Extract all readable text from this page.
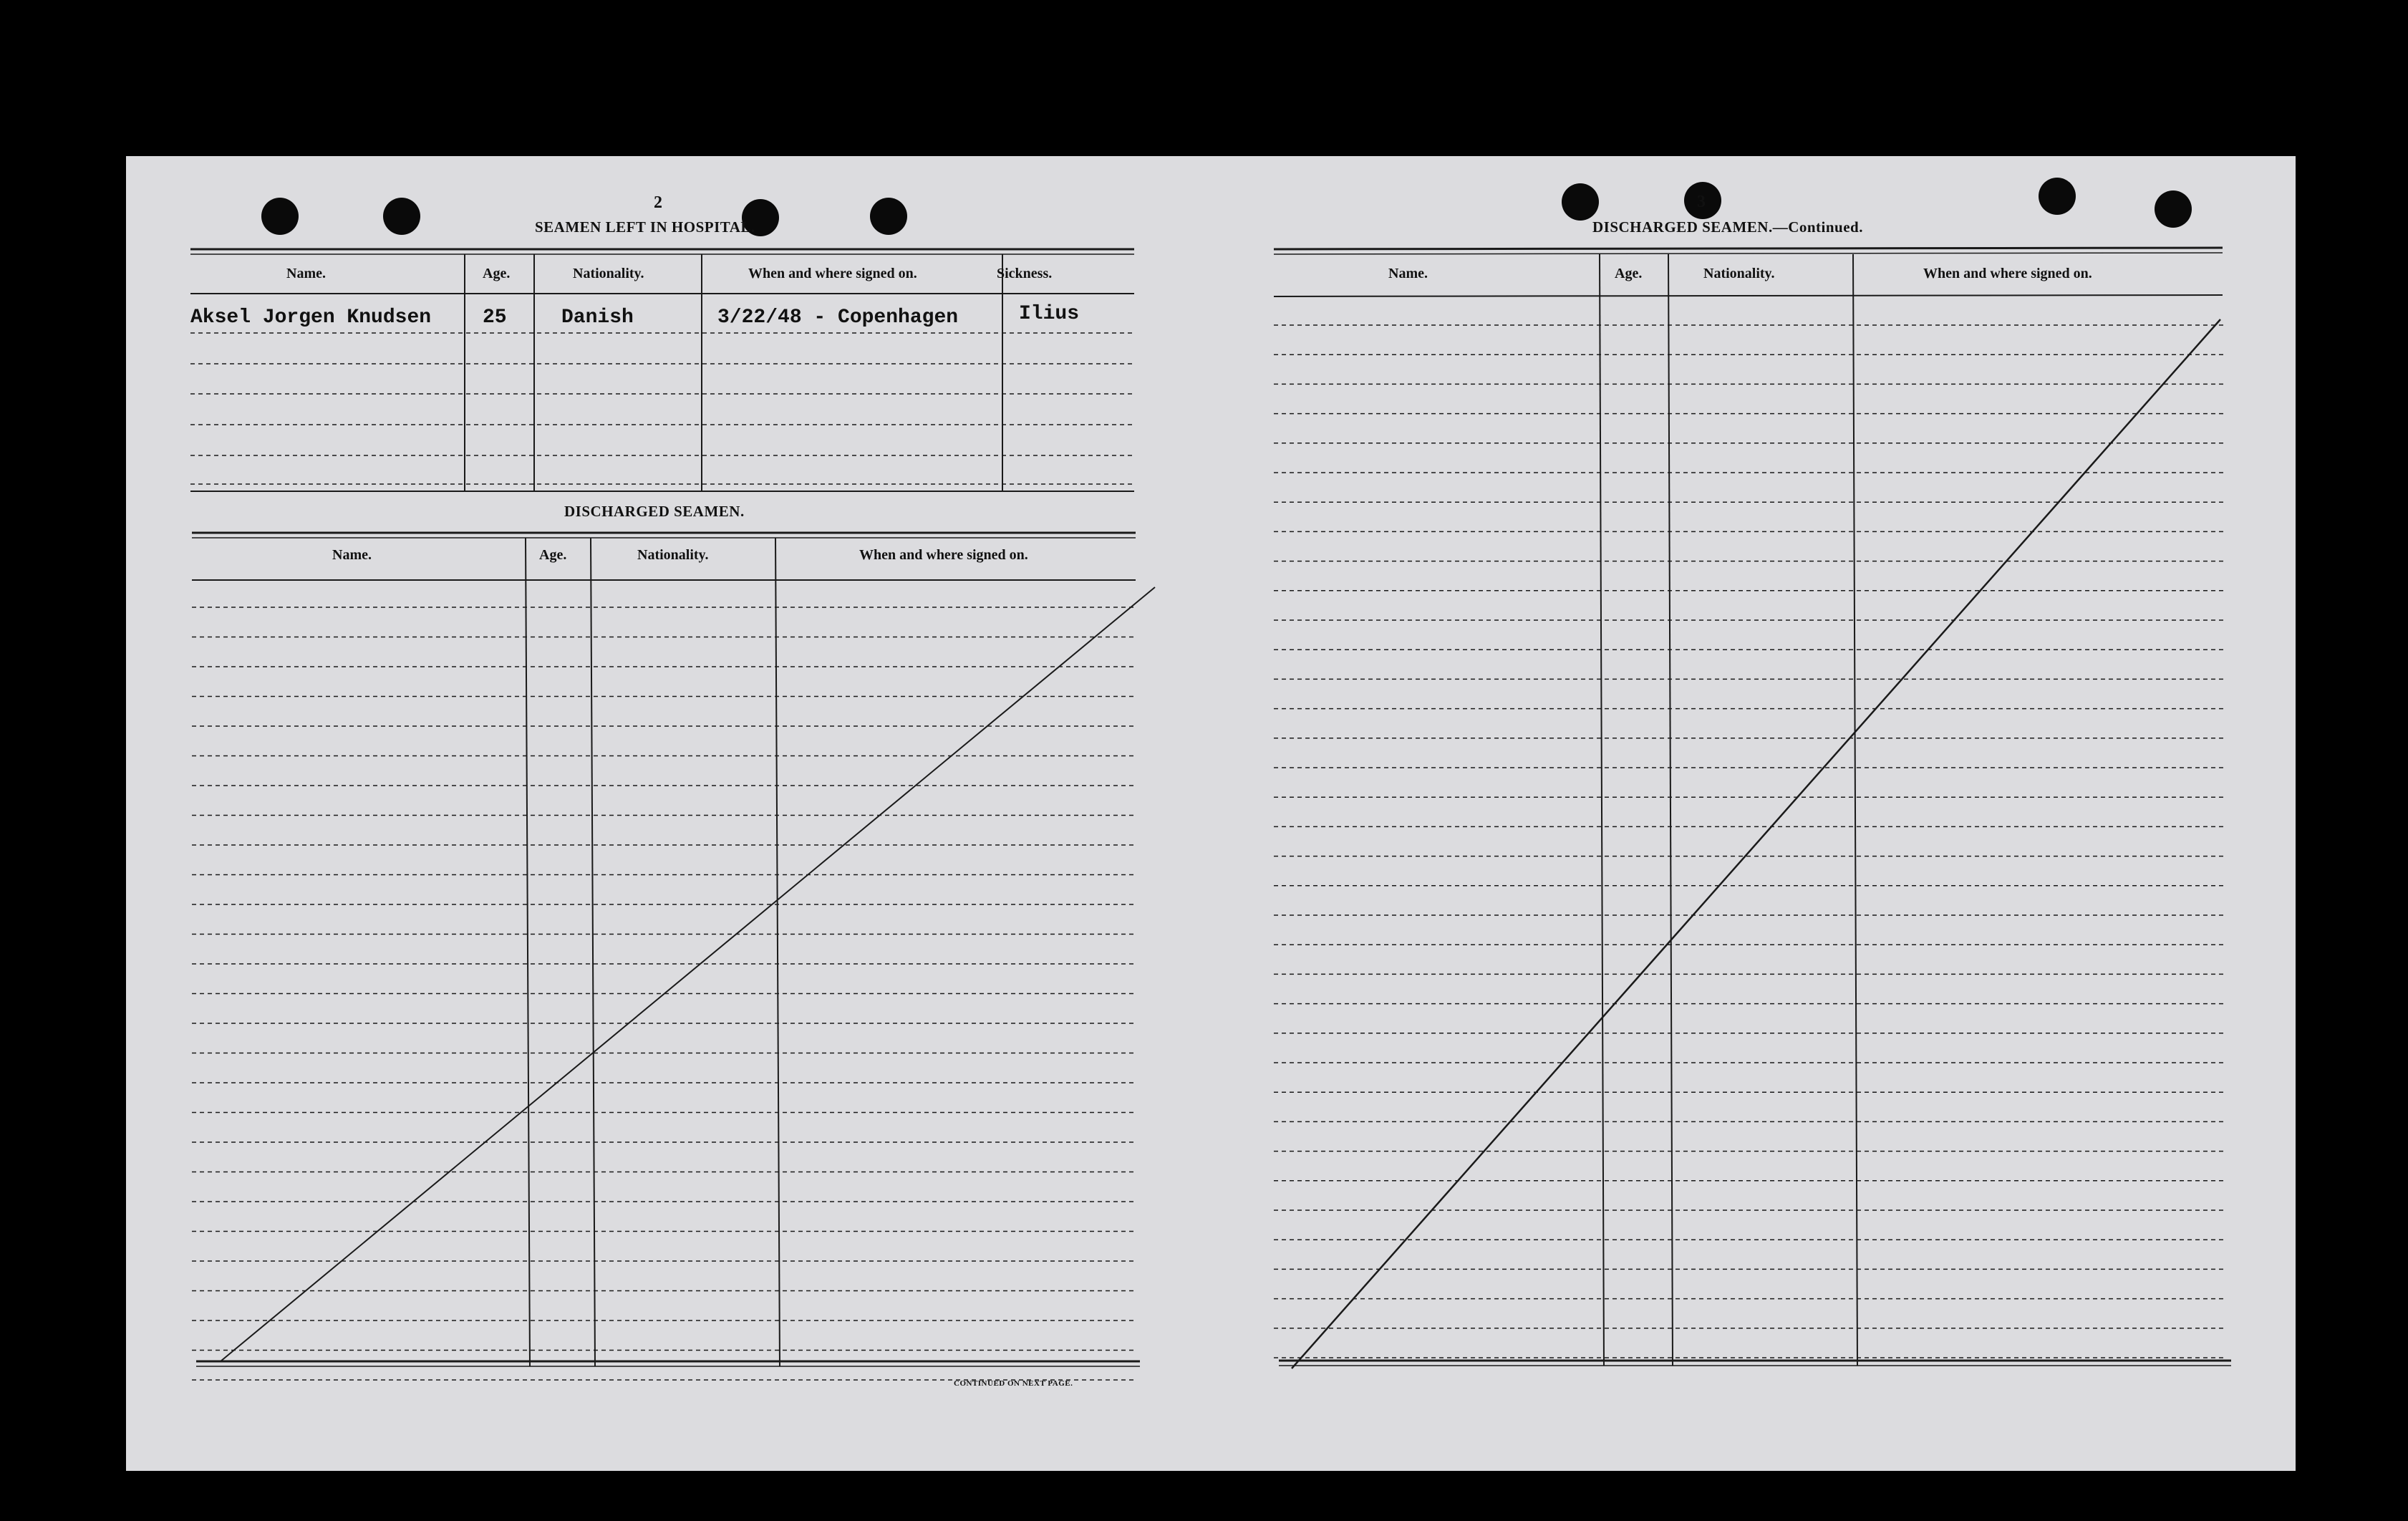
2
SEAMEN LEFT IN HOSPITAL.
Name.	Age.	Nationality.	When and where signed on.	Sickness.
Aksel Jorgen Knudsen	25	Danish	3/22/48 - Copenhagen	Ilius
DISCHARGED SEAMEN.
Name.	Age.	Nationality.	When and where signed on.
CONTINUED ON NEXT PAGE.
3
DISCHARGED SEAMEN.—Continued.
Name.	Age.	Nationality.	When and where signed on.
